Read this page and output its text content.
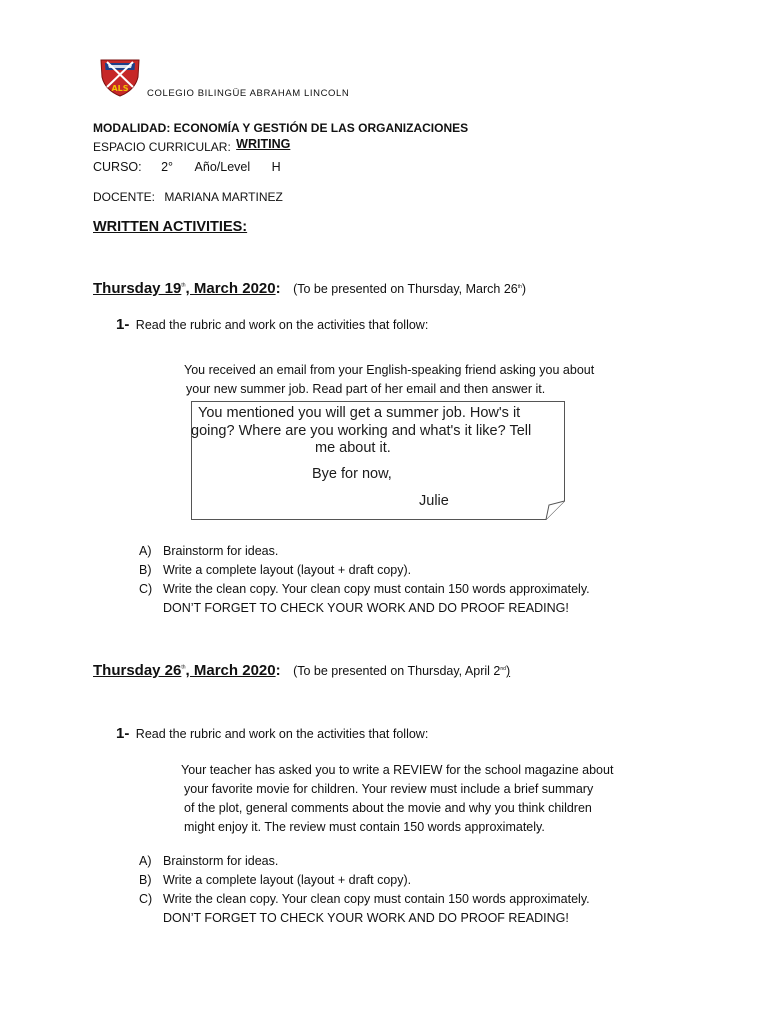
ALS COLEGIO BILINGÜE ABRAHAM LINCOLN
MODALIDAD: ECONOMÍA Y GESTIÓN DE LAS ORGANIZACIONES
ESPACIO CURRICULAR: WRITING
CURSO: 2° Año/Level H
DOCENTE: MARIANA MARTINEZ
WRITTEN ACTIVITIES:
Thursday 19th, March 2020: (To be presented on Thursday, March 26th)
1- Read the rubric and work on the activities that follow:
You received an email from your English-speaking friend asking you about
your new summer job. Read part of her email and then answer it.
You mentioned you will get a summer job. How's it
going? Where are you working and what's it like? Tell
me about it.
Bye for now,
Julie
A) Brainstorm for ideas.
B) Write a complete layout (layout + draft copy).
C) Write the clean copy. Your clean copy must contain 150 words approximately.
DON’T FORGET TO CHECK YOUR WORK AND DO PROOF READING!
Thursday 26th, March 2020: (To be presented on Thursday, April 2nd)
1- Read the rubric and work on the activities that follow:
Your teacher has asked you to write a REVIEW for the school magazine about
your favorite movie for children. Your review must include a brief summary
of the plot, general comments about the movie and why you think children
might enjoy it. The review must contain 150 words approximately.
A) Brainstorm for ideas.
B) Write a complete layout (layout + draft copy).
C) Write the clean copy. Your clean copy must contain 150 words approximately.
DON’T FORGET TO CHECK YOUR WORK AND DO PROOF READING!
